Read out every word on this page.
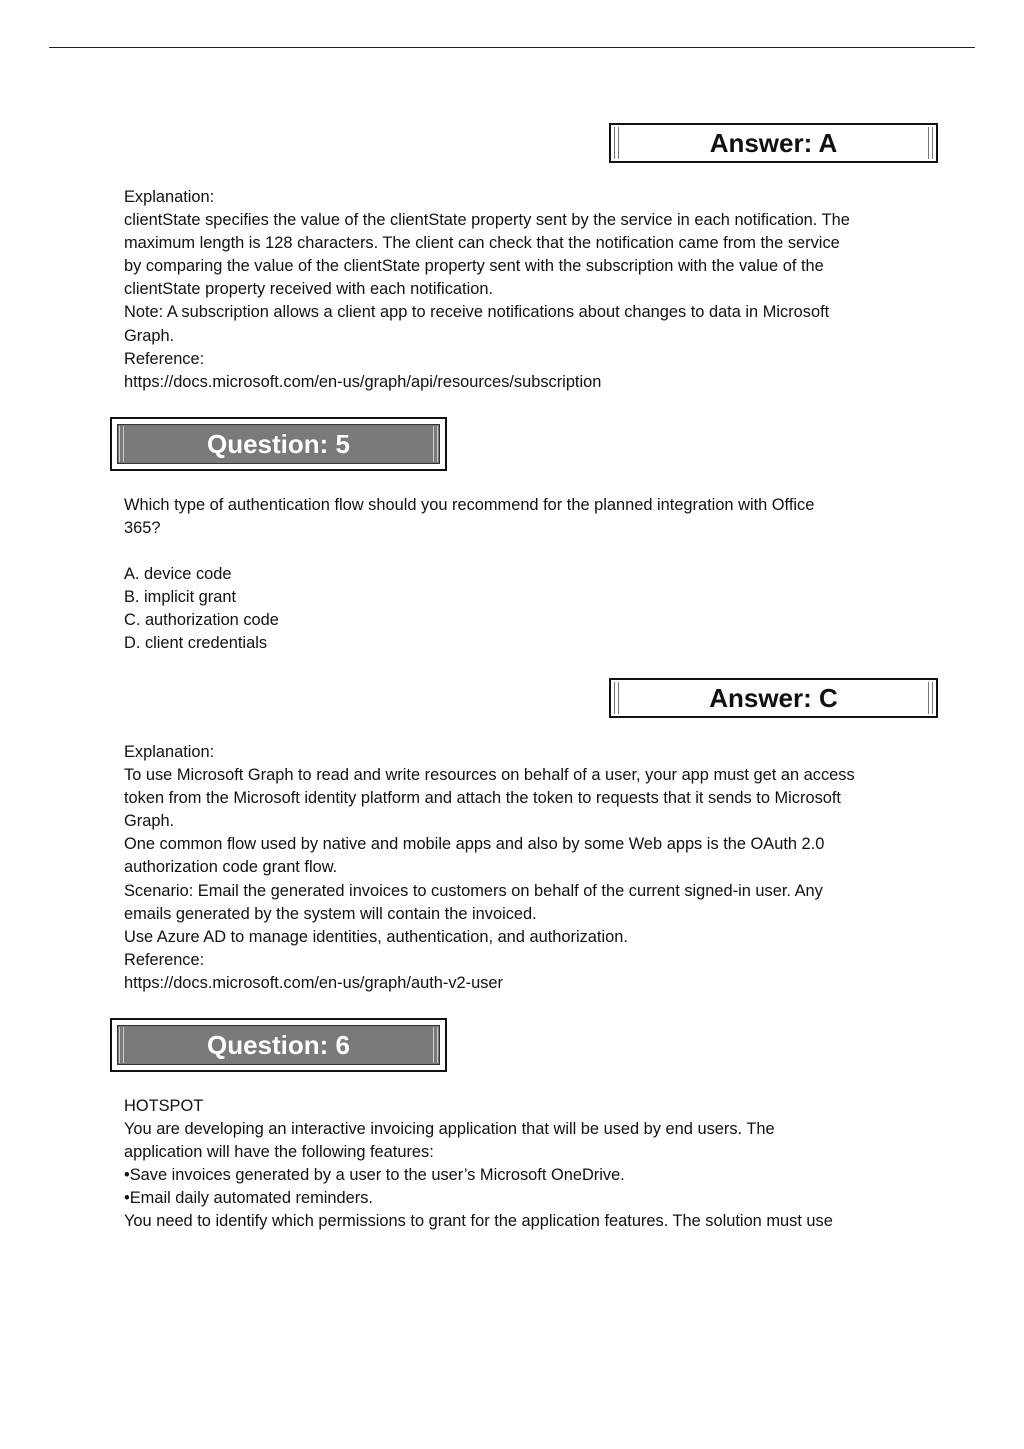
Answer: A

Explanation:
clientState specifies the value of the clientState property sent by the service in each notification. The
maximum length is 128 characters. The client can check that the notification came from the service
by comparing the value of the clientState property sent with the subscription with the value of the
clientState property received with each notification.
Note: A subscription allows a client app to receive notifications about changes to data in Microsoft
Graph.
Reference:
https://docs.microsoft.com/en-us/graph/api/resources/subscription

Question: 5

Which type of authentication flow should you recommend for the planned integration with Office
365?

A. device code

B. implicit grant

C. authorization code

D. client credentials

Answer: C

Explanation:
To use Microsoft Graph to read and write resources on behalf of a user, your app must get an access
token from the Microsoft identity platform and attach the token to requests that it sends to Microsoft
Graph.
One common flow used by native and mobile apps and also by some Web apps is the OAuth 2.0
authorization code grant flow.
Scenario: Email the generated invoices to customers on behalf of the current signed-in user. Any
emails generated by the system will contain the invoiced.
Use Azure AD to manage identities, authentication, and authorization.
Reference:
https://docs.microsoft.com/en-us/graph/auth-v2-user

Question: 6

HOTSPOT
You are developing an interactive invoicing application that will be used by end users. The
application will have the following features:
•Save invoices generated by a user to the user’s Microsoft OneDrive.
•Email daily automated reminders.
You need to identify which permissions to grant for the application features. The solution must use
